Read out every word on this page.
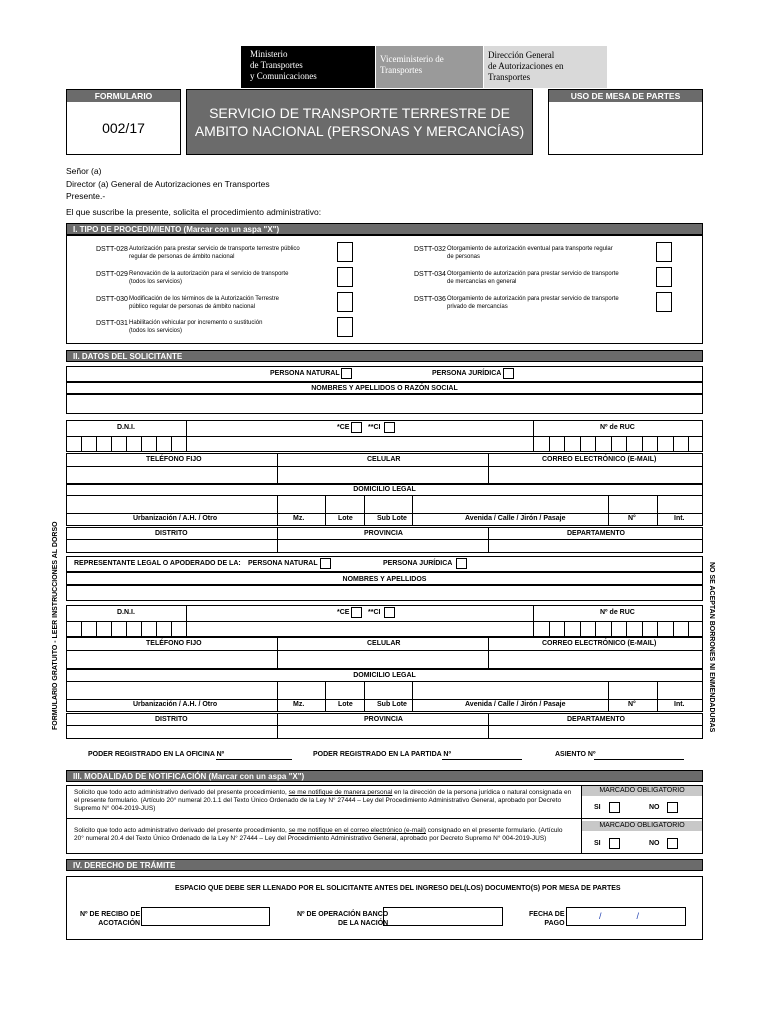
Ministerio
de Transportes
y Comunicaciones
Viceministerio de
Transportes
Dirección General
de Autorizaciones en
Transportes
FORMULARIO
002/17
SERVICIO DE TRANSPORTE TERRESTRE DE
AMBITO NACIONAL (PERSONAS Y MERCANCÍAS)
USO DE MESA DE PARTES
Señor (a)
Director (a) General de Autorizaciones en Transportes
Presente.-
El que suscribe la presente, solicita el procedimiento administrativo:
I. TIPO DE PROCEDIMIENTO (Marcar con un aspa "X")
DSTT-028 Autorización para prestar servicio de transporte terrestre público
regular de personas de ámbito nacional
DSTT-029 Renovación de la autorización para el servicio de transporte
(todos los servicios)
DSTT-030 Modificación de los términos de la Autorización Terrestre
público regular de personas de ámbito nacional
DSTT-031 Habilitación vehicular por incremento o sustitución
(todos los servicios)
DSTT-032 Otorgamiento de autorización eventual para transporte regular
de personas
DSTT-034 Otorgamiento de autorización para prestar servicio de transporte
de mercancías en general
DSTT-036 Otorgamiento de autorización para prestar servicio de transporte
privado de mercancías
II. DATOS DEL SOLICITANTE
PERSONA NATURAL	PERSONA JURÍDICA
NOMBRES Y APELLIDOS O RAZÓN SOCIAL
D.N.I.	*CE	**CI	Nº de RUC
TELÉFONO FIJO	CELULAR	CORREO ELECTRÓNICO (E-MAIL)
DOMICILIO LEGAL
Urbanización / A.H. / Otro	Mz.	Lote	Sub Lote	Avenida / Calle / Jirón / Pasaje	N°	Int.
DISTRITO	PROVINCIA	DEPARTAMENTO
REPRESENTANTE LEGAL O APODERADO DE LA: PERSONA NATURAL	PERSONA JURÍDICA
NOMBRES Y APELLIDOS
D.N.I.	*CE	**CI	Nº de RUC
TELÉFONO FIJO	CELULAR	CORREO ELECTRÓNICO (E-MAIL)
DOMICILIO LEGAL
Urbanización / A.H. / Otro	Mz.	Lote	Sub Lote	Avenida / Calle / Jirón / Pasaje	N°	Int.
DISTRITO	PROVINCIA	DEPARTAMENTO
FORMULARIO GRATUITO - LEER INSTRUCCIONES AL DORSO	NO SE ACEPTAN BORRONES NI ENMENDADURAS
PODER REGISTRADO EN LA OFICINA Nº	PODER REGISTRADO EN LA PARTIDA Nº	ASIENTO Nº
III. MODALIDAD DE NOTIFICACIÓN (Marcar con un aspa "X")
Solicito que todo acto administrativo derivado del presente procedimiento, se me notifique de manera personal en la dirección de la persona jurídica o natural consignada en
el presente formulario. (Artículo 20° numeral 20.1.1 del Texto Único Ordenado de la Ley N° 27444 – Ley del Procedimiento Administrativo General, aprobado por Decreto
Supremo N° 004-2019-JUS)
Solicito que todo acto administrativo derivado del presente procedimiento, se me notifique en el correo electrónico (e-mail) consignado en el presente formulario. (Artículo
20° numeral 20.4 del Texto Único Ordenado de la Ley N° 27444 – Ley del Procedimiento Administrativo General, aprobado por Decreto Supremo N° 004-2019-JUS)
MARCADO OBLIGATORIO
SI	NO
MARCADO OBLIGATORIO
SI	NO
IV. DERECHO DE TRÁMITE
ESPACIO QUE DEBE SER LLENADO POR EL SOLICITANTE ANTES DEL INGRESO DEL(LOS) DOCUMENTO(S) POR MESA DE PARTES
Nº DE RECIBO DE
ACOTACIÓN
Nº DE OPERACIÓN BANCO
DE LA NACIÓN
FECHA DE
PAGO
/              /
